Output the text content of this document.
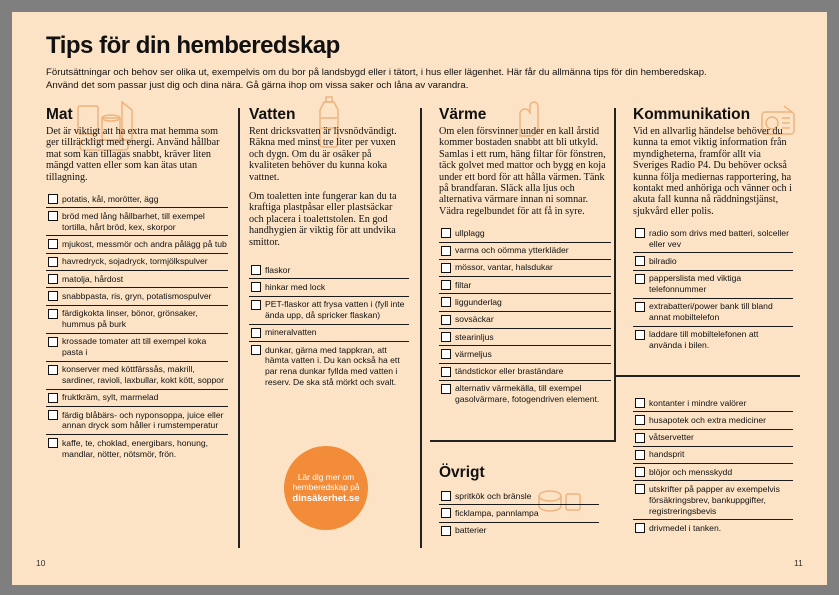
Tips för din hemberedskap
Förutsättningar och behov ser olika ut, exempelvis om du bor på landsbygd eller i tätort, i hus eller lägenhet. Här får du allmänna tips för din hemberedskap.
Använd det som passar just dig och dina nära. Gå gärna ihop om vissa saker och låna av varandra.
Mat

Det är viktigt att ha extra mat hemma som ger tillräckligt med energi. Använd hållbar mat som kan tillagas snabbt, kräver liten mängd vatten eller som kan ätas utan tillagning.

potatis, kål, morötter, ägg
bröd med lång hållbarhet, till exempel tortilla, hårt bröd, kex, skorpor
mjukost, messmör och andra pålägg på tub
havredryck, sojadryck, tormjölkspulver
matolja, hårdost
snabbpasta, ris, gryn, potatismospulver
färdigkokta linser, bönor, grönsaker, hummus på burk
krossade tomater att till exempel koka pasta i
konserver med köttfärssås, makrill, sardiner, ravioli, laxbullar, kokt kött, soppor
fruktkräm, sylt, marmelad
färdig blåbärs- och nyponsoppa, juice eller annan dryck som håller i rumstemperatur
kaffe, te, choklad, energibars, honung, mandlar, nötter, nötsmör, frön.
Vatten

Rent dricksvatten är livsnödvändigt. Räkna med minst tre liter per vuxen och dygn. Om du är osäker på kvaliteten behöver du kunna koka vattnet.

Om toaletten inte fungerar kan du ta kraftiga plastpåsar eller plastsäckar och placera i toalettstolen. En god handhygien är viktig för att undvika smittor.

flaskor
hinkar med lock
PET-flaskor att frysa vatten i (fyll inte ända upp, då spricker flaskan)
mineralvatten
dunkar, gärna med tappkran, att hämta vatten i. Du kan också ha ett par rena dunkar fyllda med vatten i reserv. De ska stå mörkt och svalt.
Lär dig mer om
hemberedskap på
dinsäkerhet.se
Värme

Om elen försvinner under en kall årstid kommer bostaden snabbt att bli utkyld. Samlas i ett rum, häng filtar för fönstren, täck golvet med mattor och bygg en koja under ett bord för att hålla värmen. Tänk på brandfaran. Släck alla ljus och alternativa värmare innan ni somnar. Vädra regelbundet för att få in syre.

ullplagg
varma och oömma ytterkläder
mössor, vantar, halsdukar
filtar
liggunderlag
sovsäckar
stearinljus
värmeljus
tändstickor eller braständare
alternativ värmekälla, till exempel gasolvärmare, fotogendriven element.
Övrigt
spritkök och bränsle
ficklampa, pannlampa
batterier
Kommunikation

Vid en allvarlig händelse behöver du kunna ta emot viktig information från myndigheterna, framför allt via Sveriges Radio P4. Du behöver också kunna följa mediernas rapportering, ha kontakt med anhöriga och vänner och i akuta fall kunna nå räddningstjänst, sjukvård eller polis.

radio som drivs med batteri, solceller eller vev
bilradio
papperslista med viktiga telefonnummer
extrabatteri/power bank till bland annat mobiltelefon
laddare till mobiltelefonen att använda i bilen.
kontanter i mindre valörer
husapotek och extra mediciner
våtservetter
handsprit
blöjor och mensskydd
utskrifter på papper av exempelvis försäkringsbrev, bankuppgifter, registreringsbevis
drivmedel i tanken.
10	11
